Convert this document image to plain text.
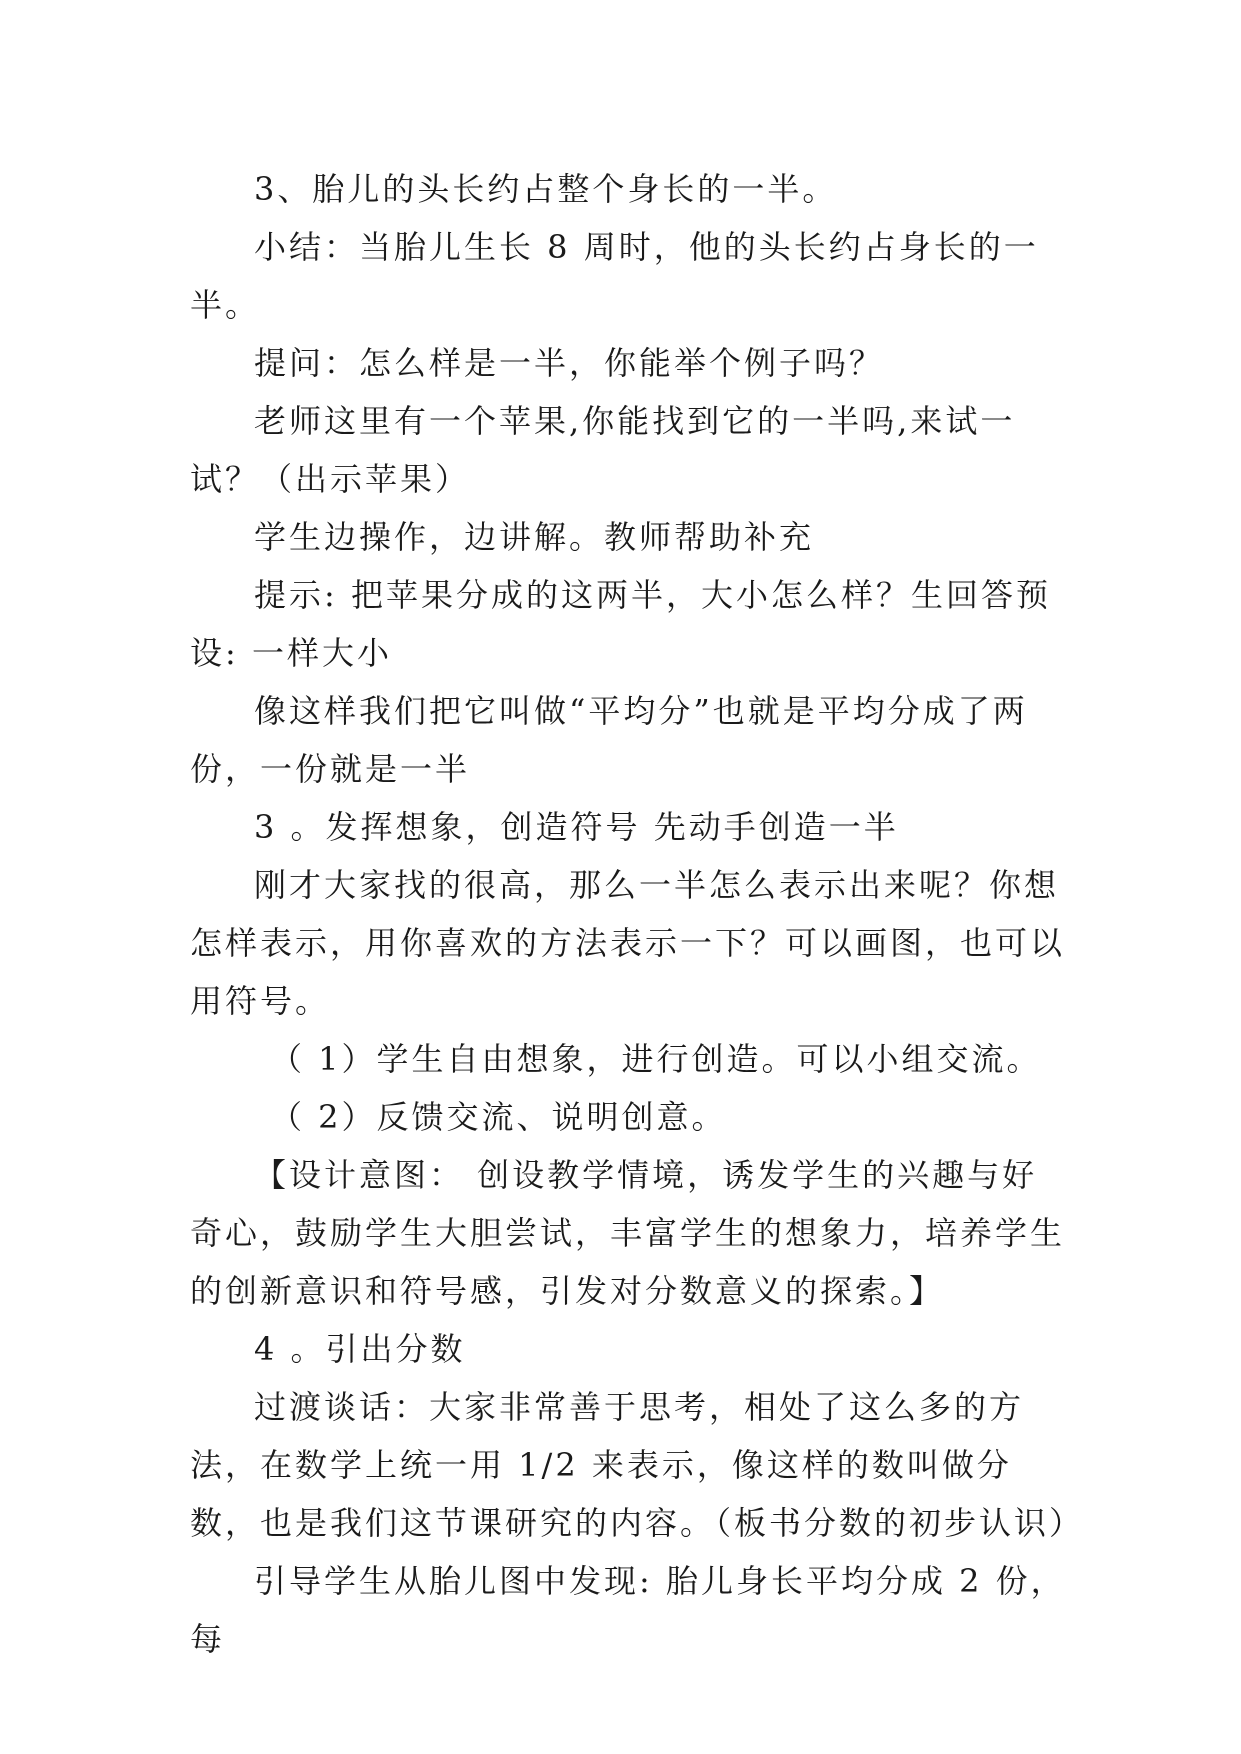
3、胎儿的头长约占整个身长的一半。

小结：当胎儿生长 8 周时，他的头长约占身长的一半。

提问：怎么样是一半，你能举个例子吗？

老师这里有一个苹果,你能找到它的一半吗,来试一试？（出示苹果）

学生边操作，边讲解。教师帮助补充

提示: 把苹果分成的这两半，大小怎么样？生回答预设: 一样大小

像这样我们把它叫做“平均分”也就是平均分成了两份，一份就是一半

3 。发挥想象，创造符号 先动手创造一半

刚才大家找的很高，那么一半怎么表示出来呢？你想怎样表示，用你喜欢的方法表示一下？可以画图，也可以用符号。

（ 1）学生自由想象，进行创造。可以小组交流。

（ 2）反馈交流、说明创意。

【设计意图： 创设教学情境，诱发学生的兴趣与好奇心，鼓励学生大胆尝试，丰富学生的想象力，培养学生的创新意识和符号感，引发对分数意义的探索。】

4 。引出分数

过渡谈话：大家非常善于思考，相处了这么多的方法，在数学上统一用 1/2 来表示，像这样的数叫做分数，也是我们这节课研究的内容。（板书分数的初步认识）

引导学生从胎儿图中发现: 胎儿身长平均分成 2 份，每
